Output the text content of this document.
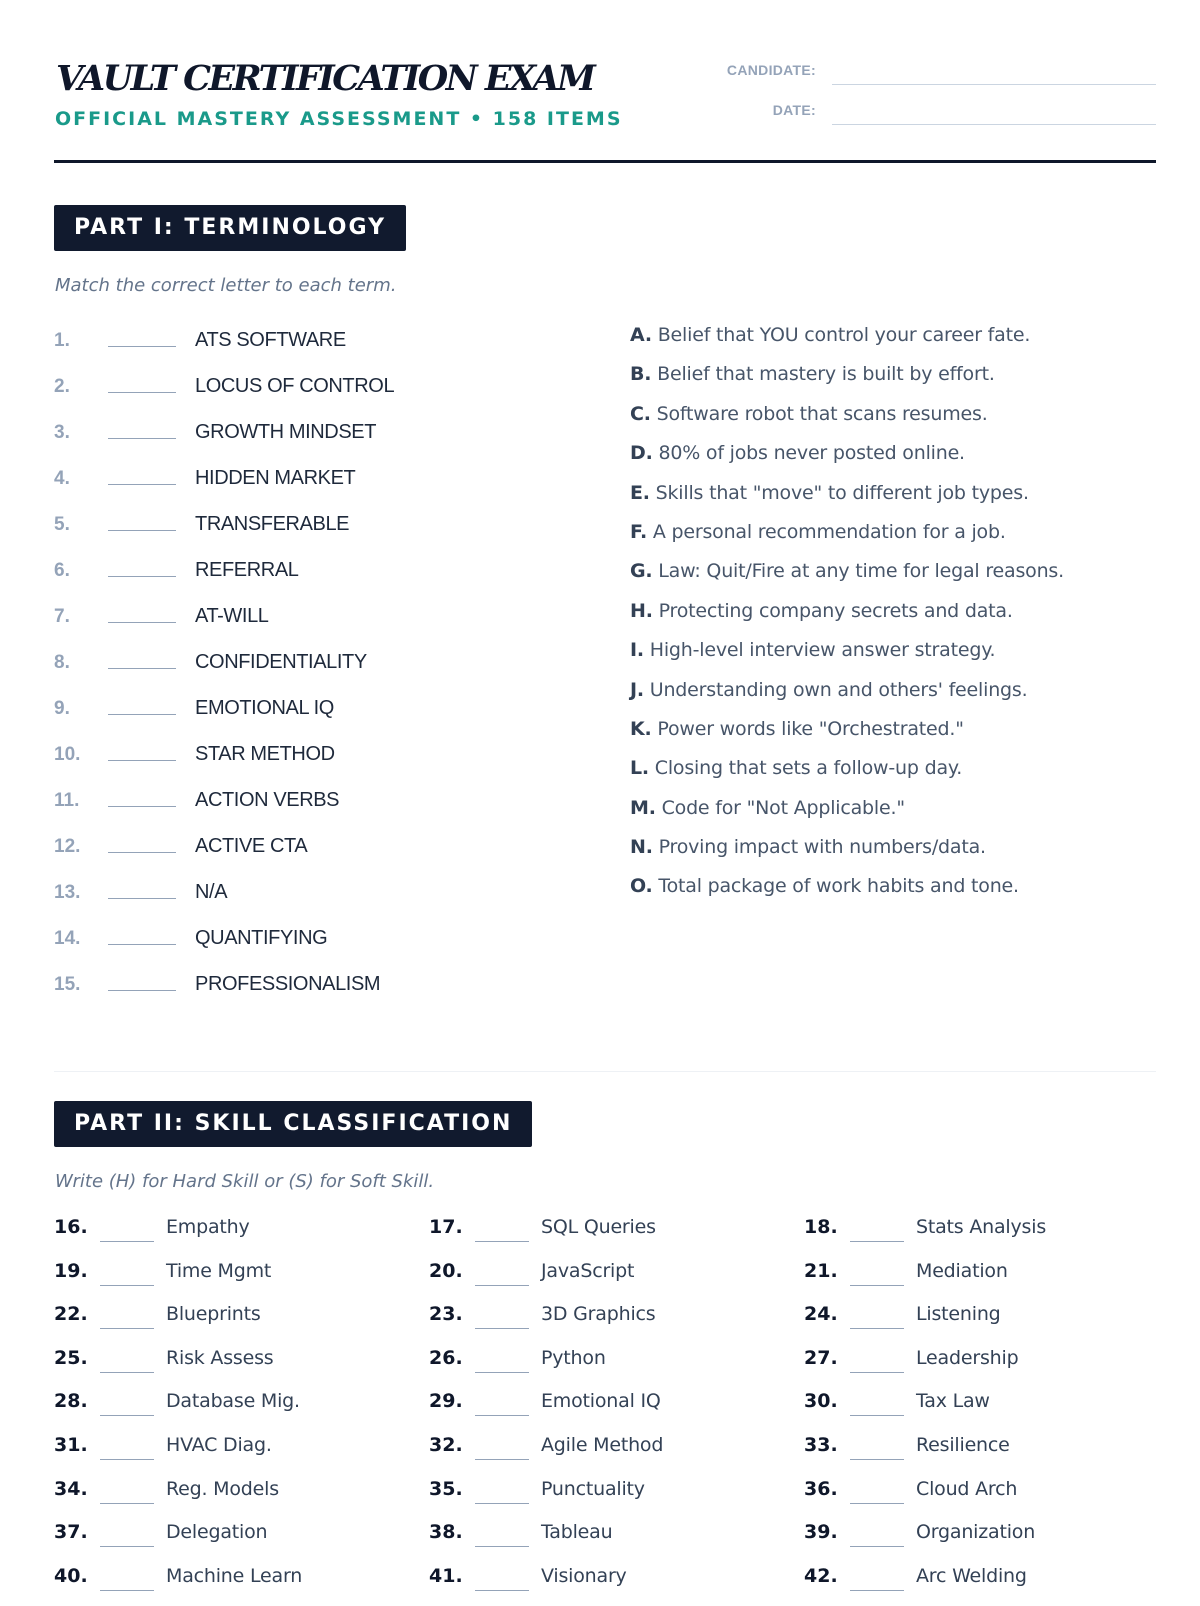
VAULT CERTIFICATION EXAM
OFFICIAL MASTERY ASSESSMENT • 158 ITEMS
CANDIDATE:
DATE:
PART I: TERMINOLOGY
Match the correct letter to each term.
1.	ATS SOFTWARE
2.	LOCUS OF CONTROL
3.	GROWTH MINDSET
4.	HIDDEN MARKET
5.	TRANSFERABLE
6.	REFERRAL
7.	AT-WILL
8.	CONFIDENTIALITY
9.	EMOTIONAL IQ
10.	STAR METHOD
11.	ACTION VERBS
12.	ACTIVE CTA
13.	N/A
14.	QUANTIFYING
15.	PROFESSIONALISM
A. Belief that YOU control your career fate.
B. Belief that mastery is built by effort.
C. Software robot that scans resumes.
D. 80% of jobs never posted online.
E. Skills that "move" to different job types.
F. A personal recommendation for a job.
G. Law: Quit/Fire at any time for legal reasons.
H. Protecting company secrets and data.
I. High-level interview answer strategy.
J. Understanding own and others' feelings.
K. Power words like "Orchestrated."
L. Closing that sets a follow-up day.
M. Code for "Not Applicable."
N. Proving impact with numbers/data.
O. Total package of work habits and tone.
PART II: SKILL CLASSIFICATION
Write (H) for Hard Skill or (S) for Soft Skill.
16.	Empathy	17.	SQL Queries	18.	Stats Analysis
19.	Time Mgmt	20.	JavaScript	21.	Mediation
22.	Blueprints	23.	3D Graphics	24.	Listening
25.	Risk Assess	26.	Python	27.	Leadership
28.	Database Mig.	29.	Emotional IQ	30.	Tax Law
31.	HVAC Diag.	32.	Agile Method	33.	Resilience
34.	Reg. Models	35.	Punctuality	36.	Cloud Arch
37.	Delegation	38.	Tableau	39.	Organization
40.	Machine Learn	41.	Visionary	42.	Arc Welding
